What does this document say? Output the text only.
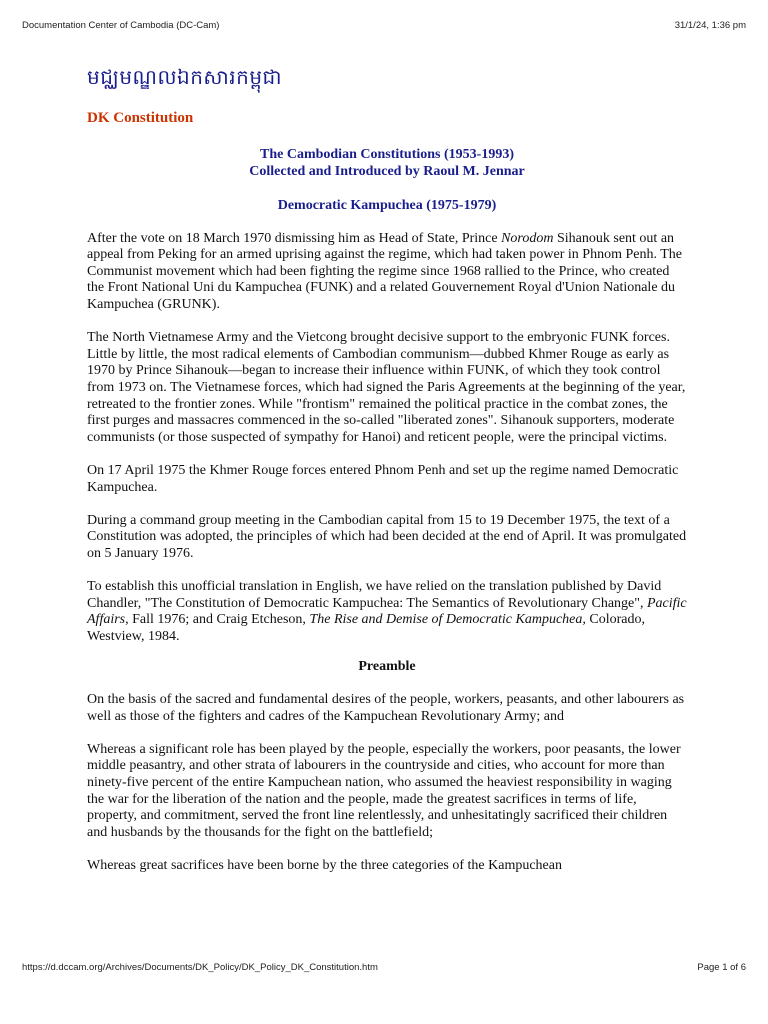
Documentation Center of Cambodia (DC-Cam)	31/1/24, 1:36 pm
មជ្ឈមណ្ឌលឯកសារកម្ពុជា
DK Constitution
The Cambodian Constitutions (1953-1993)
Collected and Introduced by Raoul M. Jennar
Democratic Kampuchea (1975-1979)

After the vote on 18 March 1970 dismissing him as Head of State, Prince Norodom Sihanouk sent out an appeal from Peking for an armed uprising against the regime, which had taken power in Phnom Penh. The Communist movement which had been fighting the regime since 1968 rallied to the Prince, who created the Front National Uni du Kampuchea (FUNK) and a related Gouvernement Royal d'Union Nationale du Kampuchea (GRUNK).

The North Vietnamese Army and the Vietcong brought decisive support to the embryonic FUNK forces. Little by little, the most radical elements of Cambodian communism—dubbed Khmer Rouge as early as 1970 by Prince Sihanouk—began to increase their influence within FUNK, of which they took control from 1973 on. The Vietnamese forces, which had signed the Paris Agreements at the beginning of the year, retreated to the frontier zones. While "frontism" remained the political practice in the combat zones, the first purges and massacres commenced in the so-called "liberated zones". Sihanouk supporters, moderate communists (or those suspected of sympathy for Hanoi) and reticent people, were the principal victims.

On 17 April 1975 the Khmer Rouge forces entered Phnom Penh and set up the regime named Democratic Kampuchea.

During a command group meeting in the Cambodian capital from 15 to 19 December 1975, the text of a Constitution was adopted, the principles of which had been decided at the end of April. It was promulgated on 5 January 1976.

To establish this unofficial translation in English, we have relied on the translation published by David Chandler, "The Constitution of Democratic Kampuchea: The Semantics of Revolutionary Change", Pacific Affairs, Fall 1976; and Craig Etcheson, The Rise and Demise of Democratic Kampuchea, Colorado, Westview, 1984.

Preamble

On the basis of the sacred and fundamental desires of the people, workers, peasants, and other labourers as well as those of the fighters and cadres of the Kampuchean Revolutionary Army; and

Whereas a significant role has been played by the people, especially the workers, poor peasants, the lower middle peasantry, and other strata of labourers in the countryside and cities, who account for more than ninety-five percent of the entire Kampuchean nation, who assumed the heaviest responsibility in waging the war for the liberation of the nation and the people, made the greatest sacrifices in terms of life, property, and commitment, served the front line relentlessly, and unhesitatingly sacrificed their children and husbands by the thousands for the fight on the battlefield;

Whereas great sacrifices have been borne by the three categories of the Kampuchean

https://d.dccam.org/Archives/Documents/DK_Policy/DK_Policy_DK_Constitution.htm	Page 1 of 6
